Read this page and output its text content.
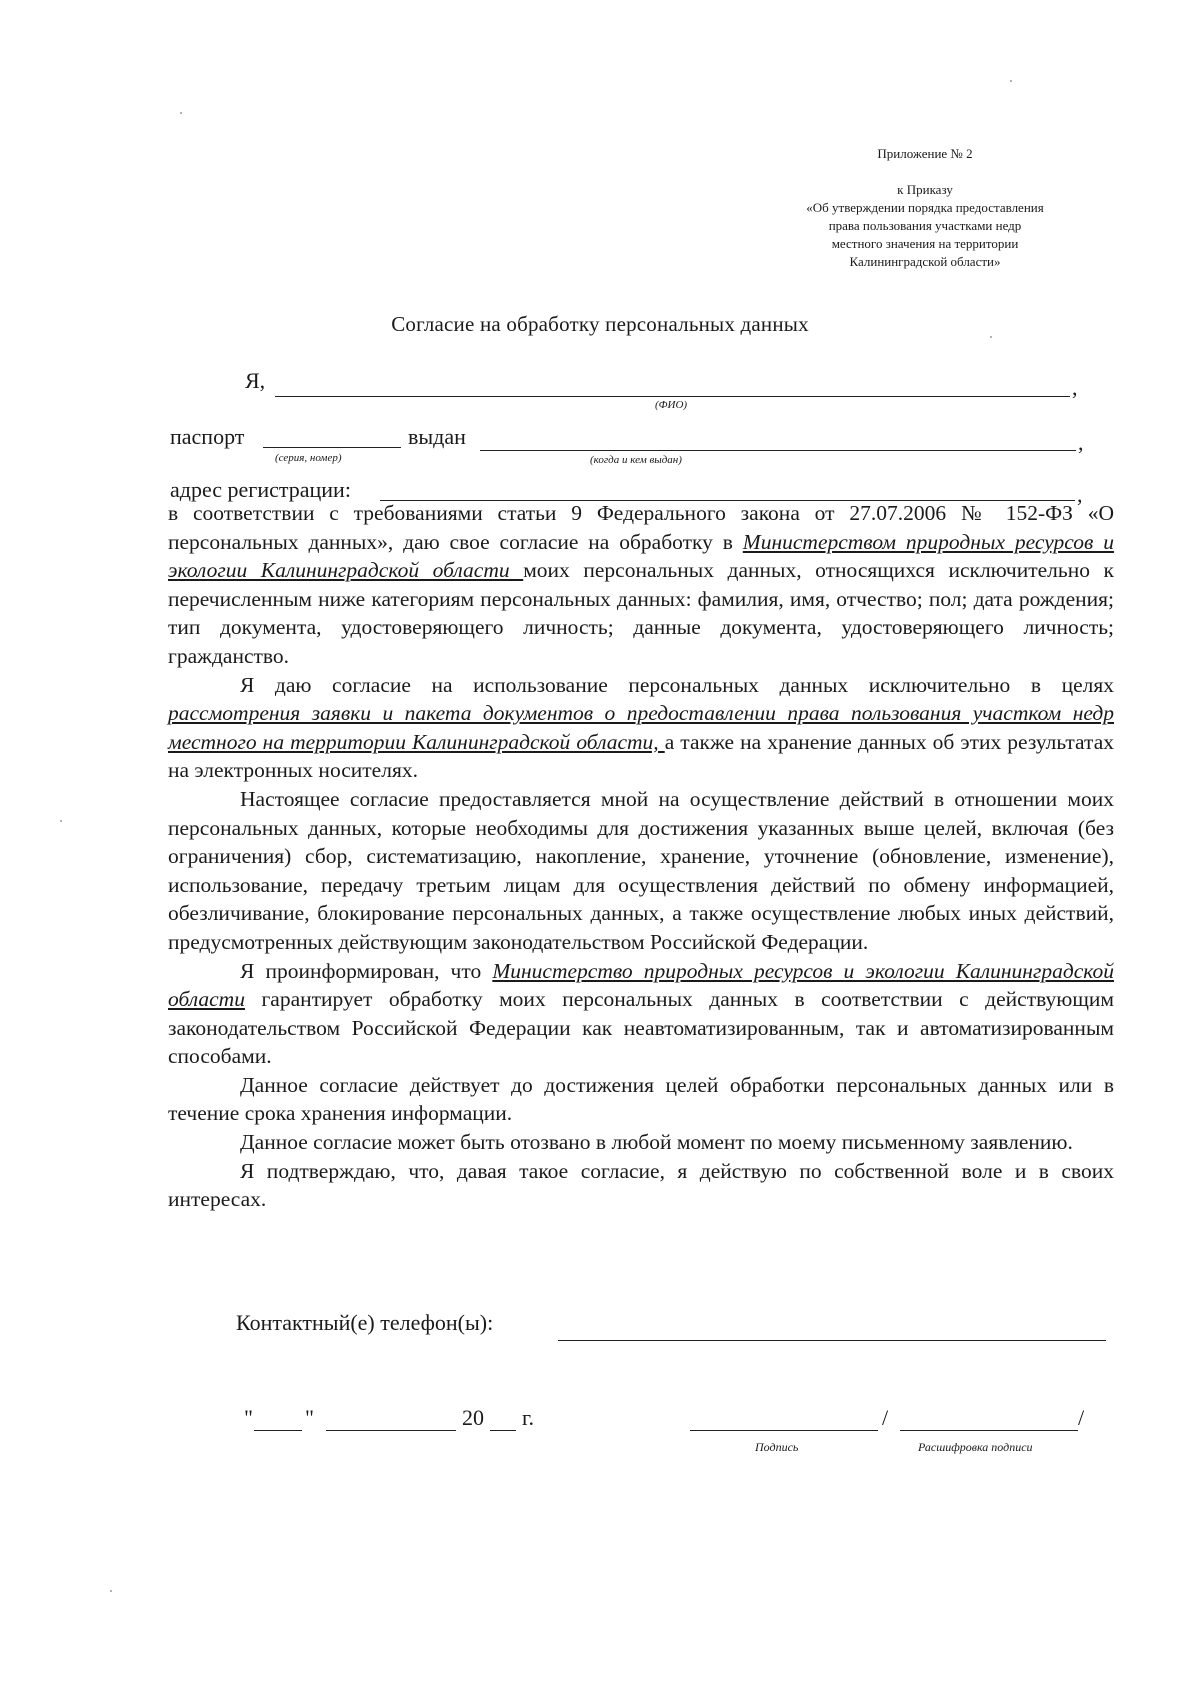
Приложение № 2
к Приказу
«Об утверждении порядка предоставления
права пользования участками недр
местного значения на территории
Калининградской области»
Согласие на обработку персональных данных
Я,	,
(ФИО)
паспорт
(серия, номер)
выдан	,
(когда и кем выдан)
адрес регистрации:	,

в соответствии с требованиями статьи 9 Федерального закона от 27.07.2006 № 152-ФЗ «О персональных данных», даю свое согласие на обработку в Министерством природных ресурсов и экологии Калининградской области моих персональных данных, относящихся исключительно к перечисленным ниже категориям персональных данных: фамилия, имя, отчество; пол; дата рождения; тип документа, удостоверяющего личность; данные документа, удостоверяющего личность; гражданство.

Я даю согласие на использование персональных данных исключительно в целях рассмотрения заявки и пакета документов о предоставлении права пользования участком недр местного на территории Калининградской области, а также на хранение данных об этих результатах на электронных носителях.

Настоящее согласие предоставляется мной на осуществление действий в отношении моих персональных данных, которые необходимы для достижения указанных выше целей, включая (без ограничения) сбор, систематизацию, накопление, хранение, уточнение (обновление, изменение), использование, передачу третьим лицам для осуществления действий по обмену информацией, обезличивание, блокирование персональных данных, а также осуществление любых иных действий, предусмотренных действующим законодательством Российской Федерации.

Я проинформирован, что Министерство природных ресурсов и экологии Калининградской области гарантирует обработку моих персональных данных в соответствии с действующим законодательством Российской Федерации как неавтоматизированным, так и автоматизированным способами.

Данное согласие действует до достижения целей обработки персональных данных или в течение срока хранения информации.

Данное согласие может быть отозвано в любой момент по моему письменному заявлению.

Я подтверждаю, что, давая такое согласие, я действую по собственной воле и в своих интересах.

Контактный(е) телефон(ы):
" "	20 г.	/	/
Подпись	Расшифровка подписи
